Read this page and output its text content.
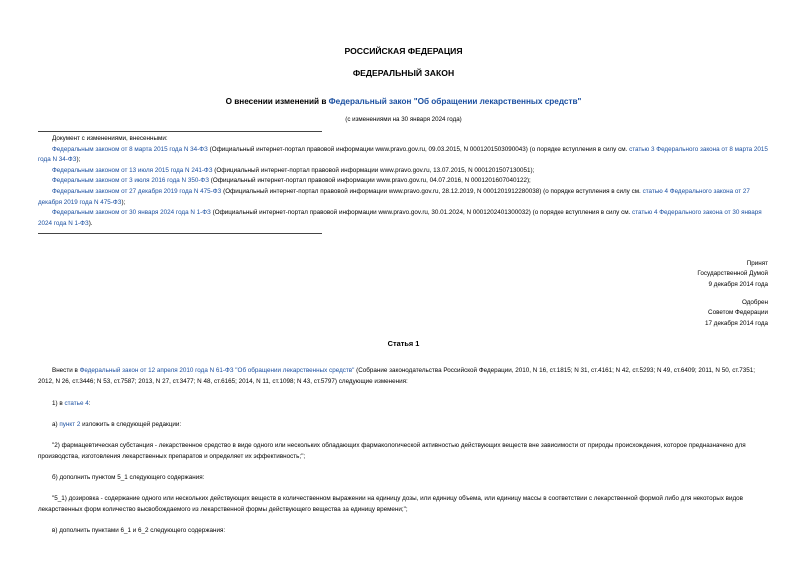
РОССИЙСКАЯ ФЕДЕРАЦИЯ
ФЕДЕРАЛЬНЫЙ ЗАКОН
О внесении изменений в Федеральный закон "Об обращении лекарственных средств"
(с изменениями на 30 января 2024 года)
Документ с изменениями, внесенными:
Федеральным законом от 8 марта 2015 года N 34-ФЗ (Официальный интернет-портал правовой информации www.pravo.gov.ru, 09.03.2015, N 0001201503090043) (о порядке вступления в силу см. статью 3 Федерального закона от 8 марта 2015 года N 34-ФЗ);
Федеральным законом от 13 июля 2015 года N 241-ФЗ (Официальный интернет-портал правовой информации www.pravo.gov.ru, 13.07.2015, N 0001201507130051);
Федеральным законом от 3 июля 2016 года N 350-ФЗ (Официальный интернет-портал правовой информации www.pravo.gov.ru, 04.07.2016, N 0001201607040122);
Федеральным законом от 27 декабря 2019 года N 475-ФЗ (Официальный интернет-портал правовой информации www.pravo.gov.ru, 28.12.2019, N 0001201912280038) (о порядке вступления в силу см. статью 4 Федерального закона от 27 декабря 2019 года N 475-ФЗ);
Федеральным законом от 30 января 2024 года N 1-ФЗ (Официальный интернет-портал правовой информации www.pravo.gov.ru, 30.01.2024, N 0001202401300032) (о порядке вступления в силу см. статью 4 Федерального закона от 30 января 2024 года N 1-ФЗ).
Принят
Государственной Думой
9 декабря 2014 года
Одобрен
Советом Федерации
17 декабря 2014 года
Статья 1
Внести в Федеральный закон от 12 апреля 2010 года N 61-ФЗ "Об обращении лекарственных средств" (Собрание законодательства Российской Федерации, 2010, N 16, ст.1815; N 31, ст.4161; N 42, ст.5293; N 49, ст.6409; 2011, N 50, ст.7351; 2012, N 26, ст.3446; N 53, ст.7587; 2013, N 27, ст.3477; N 48, ст.6165; 2014, N 11, ст.1098; N 43, ст.5797) следующие изменения:
1) в статье 4:
а) пункт 2 изложить в следующей редакции:
"2) фармацевтическая субстанция - лекарственное средство в виде одного или нескольких обладающих фармакологической активностью действующих веществ вне зависимости от природы происхождения, которое предназначено для производства, изготовления лекарственных препаратов и определяет их эффективность;";
б) дополнить пунктом 5_1 следующего содержания:
"5_1) дозировка - содержание одного или нескольких действующих веществ в количественном выражении на единицу дозы, или единицу объема, или единицу массы в соответствии с лекарственной формой либо для некоторых видов лекарственных форм количество высвобождаемого из лекарственной формы действующего вещества за единицу времени;";
в) дополнить пунктами 6_1 и 6_2 следующего содержания:
